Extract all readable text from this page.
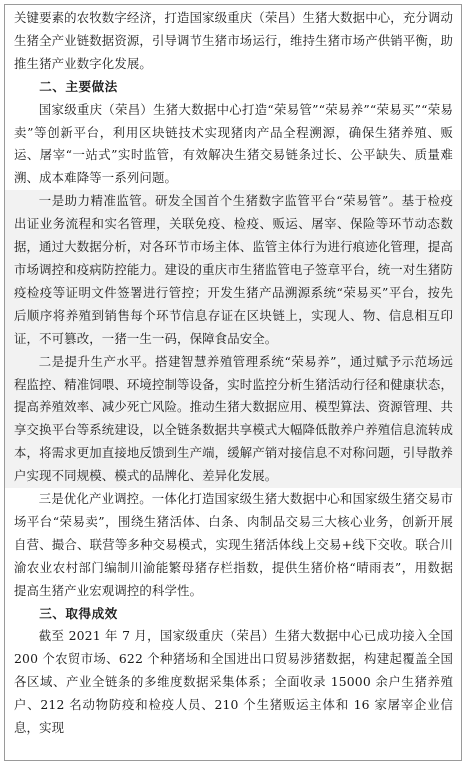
关键要素的农牧数字经济，打造国家级重庆（荣昌）生猪大数据中心，充分调动生猪全产业链数据资源，引导调节生猪市场运行，维持生猪市场产供销平衡，助推生猪产业数字化发展。

二、主要做法

国家级重庆（荣昌）生猪大数据中心打造“荣易管”“荣易养”“荣易买”“荣易卖”等创新平台，利用区块链技术实现猪肉产品全程溯源，确保生猪养殖、贩运、屠宰“一站式”实时监管，有效解决生猪交易链条过长、公平缺失、质量难溯、成本难降等一系列问题。

一是助力精准监管。研发全国首个生猪数字监管平台“荣易管”。基于检疫出证业务流程和实名管理，关联免疫、检疫、贩运、屠宰、保险等环节动态数据，通过大数据分析，对各环节市场主体、监管主体行为进行痕迹化管理，提高市场调控和疫病防控能力。建设的重庆市生猪监管电子签章平台，统一对生猪防疫检疫等证明文件签署进行管控；开发生猪产品溯源系统“荣易买”平台，按先后顺序将养殖到销售每个环节信息存证在区块链上，实现人、物、信息相互印证，不可篡改，一猪一生一码，保障食品安全。

二是提升生产水平。搭建智慧养殖管理系统“荣易养”，通过赋予示范场远程监控、精准饲喂、环境控制等设备，实时监控分析生猪活动行径和健康状态，提高养殖效率、减少死亡风险。推动生猪大数据应用、模型算法、资源管理、共享交换平台等系统建设，以全链条数据共享模式大幅降低散养户养殖信息流转成本，将需求更加直接地反馈到生产端，缓解产销对接信息不对称问题，引导散养户实现不同规模、模式的品牌化、差异化发展。

三是优化产业调控。一体化打造国家级生猪大数据中心和国家级生猪交易市场平台“荣易卖”，围绕生猪活体、白条、肉制品交易三大核心业务，创新开展自营、撮合、联营等多种交易模式，实现生猪活体线上交易+线下交收。联合川渝农业农村部门编制川渝能繁母猪存栏指数，提供生猪价格“晴雨表”，用数据提高生猪产业宏观调控的科学性。

三、取得成效

截至 2021 年 7 月，国家级重庆（荣昌）生猪大数据中心已成功接入全国 200 个农贸市场、622 个种猪场和全国进出口贸易涉猪数据，构建起覆盖全国各区域、产业全链条的多维度数据采集体系；全面收录 15000 余户生猪养殖户、212 名动物防疫和检疫人员、210 个生猪贩运主体和 16 家屠宰企业信息，实现
